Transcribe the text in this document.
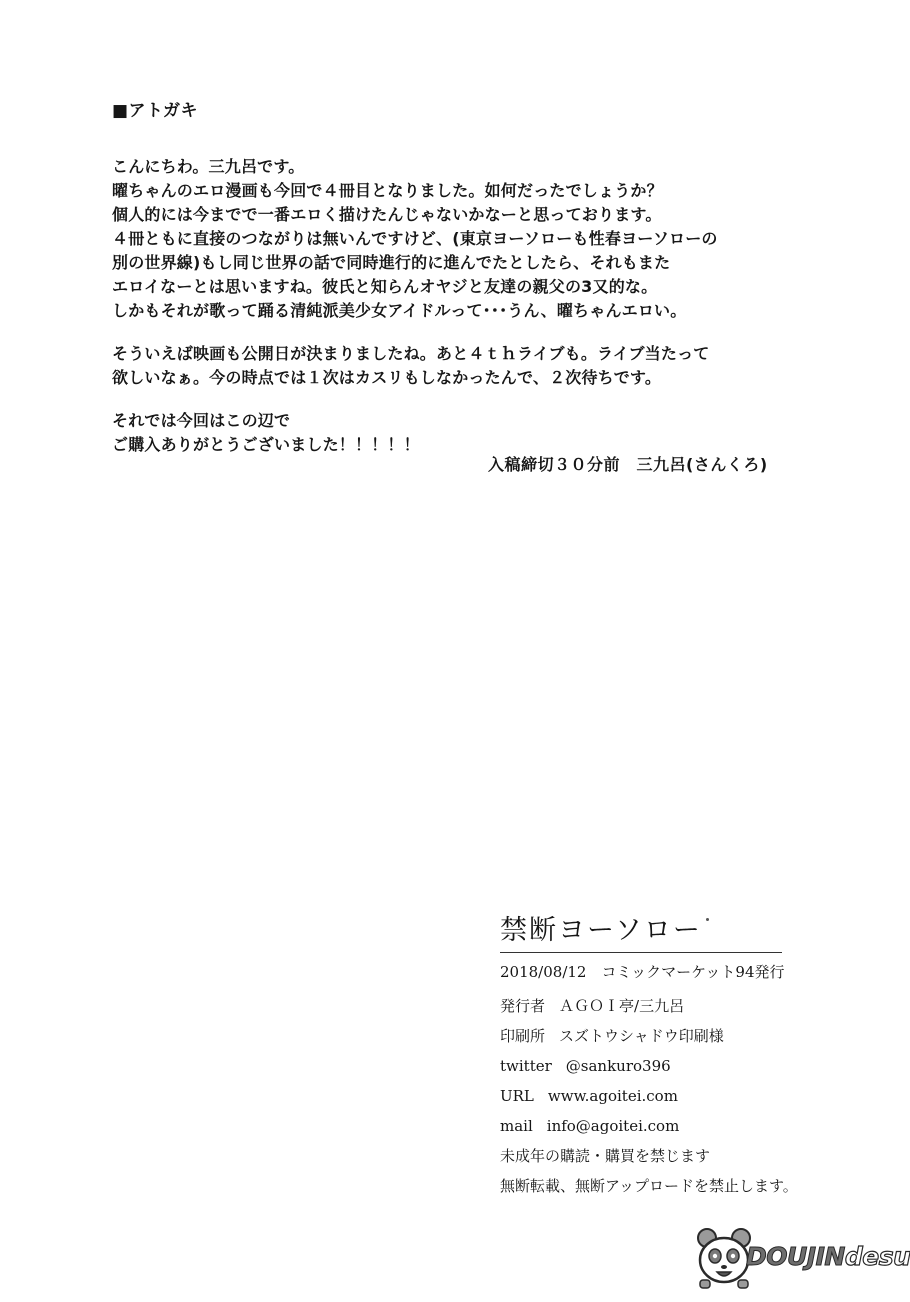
■アトガキ
こんにちわ。三九呂です。
曜ちゃんのエロ漫画も今回で４冊目となりました。如何だったでしょうか？
個人的には今までで一番エロく描けたんじゃないかなーと思っております。
４冊ともに直接のつながりは無いんですけど、(東京ヨーソローも性春ヨーソローの
別の世界線)もし同じ世界の話で同時進行的に進んでたとしたら、それもまた
エロイなーとは思いますね。彼氏と知らんオヤジと友達の親父の3又的な。
しかもそれが歌って踊る清純派美少女アイドルって･･･うん、曜ちゃんエロい。
そういえば映画も公開日が決まりましたね。あと４ｔｈライブも。ライブ当たって
欲しいなぁ。今の時点では１次はカスリもしなかったんで、２次待ちです。
それでは今回はこの辺で
ご購入ありがとうございました！！！！！
入稿締切３０分前　三九呂(さんくろ)
禁断ヨーソロー
2018/08/12　コミックマーケット94発行
発行者 ＡＧＯＩ亭/三九呂
印刷所 スズトウシャドウ印刷様
twitter @sankuro396
URL www.agoitei.com
mail info@agoitei.com
未成年の購読・購買を禁じます
無断転載、無断アップロードを禁止します。
DOUJINdesu
